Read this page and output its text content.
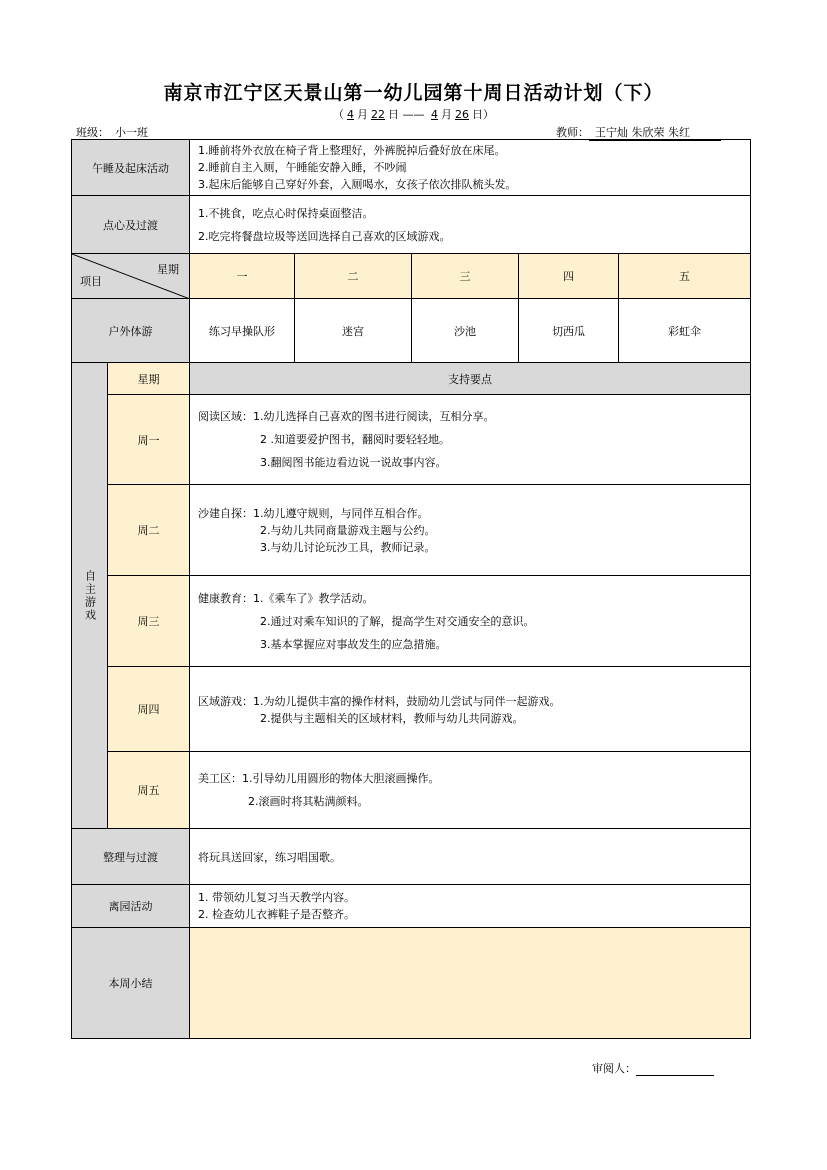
南京市江宁区天景山第一幼儿园第十周日活动计划（下）
（ 4 月 22 日 —— 4 月 26 日）
班级： 小一班	教师： 王宁灿 朱欣荣 朱红
午睡及起床活动		1.睡前将外衣放在椅子背上整理好，外裤脱掉后叠好放在床尾。
2.睡前自主入厕，午睡能安静入睡，不吵闹
3.起床后能够自己穿好外套，入厕喝水，女孩子依次排队梳头发。				

点心及过渡		1.不挑食，吃点心时保持桌面整洁。
2.吃完将餐盘垃圾等送回选择自己喜欢的区域游戏。				

星期
项目		一	二	三	四	五
户外体游		练习早操队形	迷宫	沙池	切西瓜	彩虹伞

自主游戏	星期	支持要点				
	周一	阅读区域：1.幼儿选择自己喜欢的图书进行阅读，互相分享。
2 .知道要爱护图书，翻阅时要轻轻地。
3.翻阅图书能边看边说一说故事内容。				

	周二	沙建自探：1.幼儿遵守规则，与同伴互相合作。
2.与幼儿共同商量游戏主题与公约。
3.与幼儿讨论玩沙工具，教师记录。				

	周三	健康教育：1.《乘车了》教学活动。
2.通过对乘车知识的了解，提高学生对交通安全的意识。
3.基本掌握应对事故发生的应急措施。				

	周四	区域游戏：1.为幼儿提供丰富的操作材料，鼓励幼儿尝试与同伴一起游戏。
2.提供与主题相关的区域材料，教师与幼儿共同游戏。				

	周五	美工区：1.引导幼儿用圆形的物体大胆滚画操作。
2.滚画时将其粘满颜料。				

整理与过渡		将玩具送回家，练习唱国歌。				
离园活动		1. 带领幼儿复习当天教学内容。
2. 检查幼儿衣裤鞋子是否整齐。				

本周小结						
审阅人：
